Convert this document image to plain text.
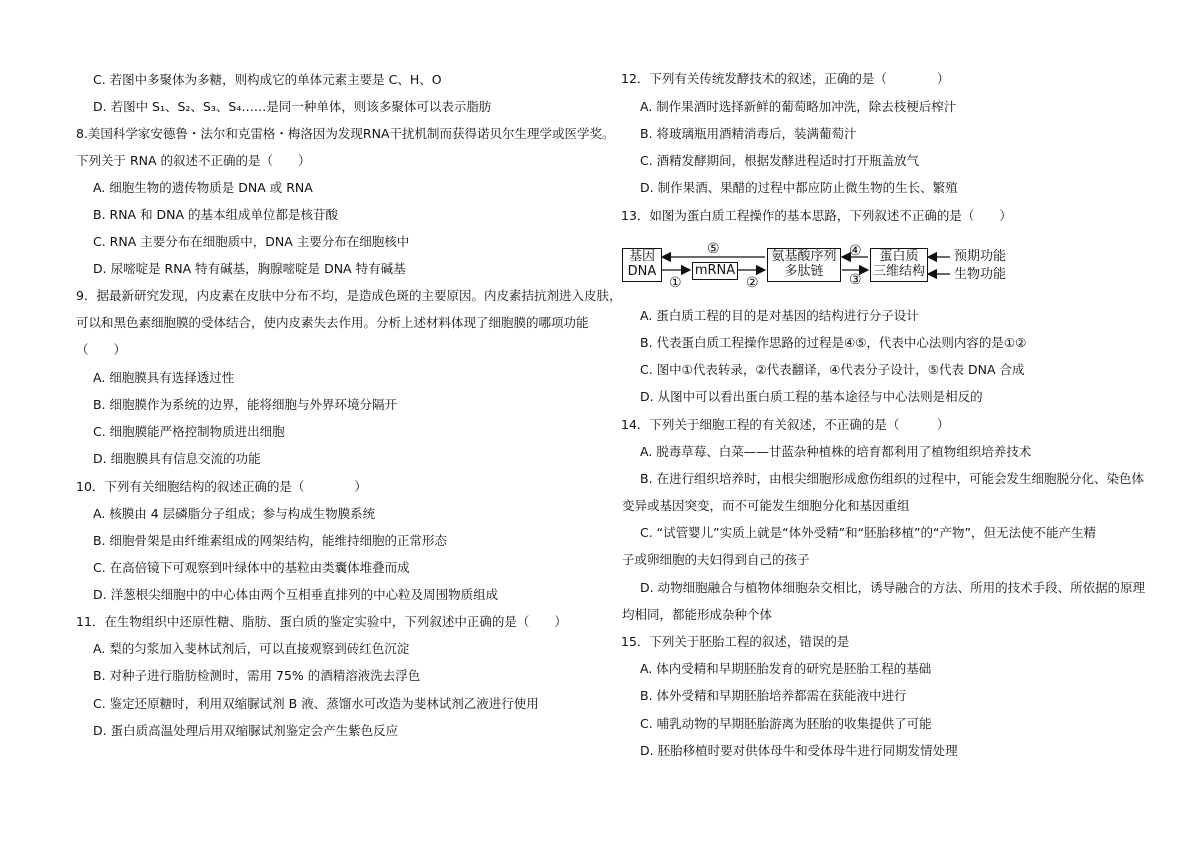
C. 若图中多聚体为多糖，则构成它的单体元素主要是 C、H、O
D. 若图中 S₁、S₂、S₃、S₄……是同一种单体，则该多聚体可以表示脂肪
8.美国科学家安德鲁・法尔和克雷格・梅洛因为发现RNA干扰机制而获得诺贝尔生理学或医学奖。
下列关于 RNA 的叙述不正确的是（　　）
A. 细胞生物的遗传物质是 DNA 或 RNA
B. RNA 和 DNA 的基本组成单位都是核苷酸
C. RNA 主要分布在细胞质中，DNA 主要分布在细胞核中
D. 尿嘧啶是 RNA 特有碱基，胸腺嘧啶是 DNA 特有碱基
9．据最新研究发现，内皮素在皮肤中分布不均，是造成色斑的主要原因。内皮素拮抗剂进入皮肤，
可以和黑色素细胞膜的受体结合，使内皮素失去作用。分析上述材料体现了细胞膜的哪项功能
（　　）
A. 细胞膜具有选择透过性
B. 细胞膜作为系统的边界，能将细胞与外界环境分隔开
C. 细胞膜能严格控制物质进出细胞
D. 细胞膜具有信息交流的功能
10．下列有关细胞结构的叙述正确的是（　　　　）
A. 核膜由 4 层磷脂分子组成；参与构成生物膜系统
B. 细胞骨架是由纤维素组成的网架结构，能维持细胞的正常形态
C. 在高倍镜下可观察到叶绿体中的基粒由类囊体堆叠而成
D. 洋葱根尖细胞中的中心体由两个互相垂直排列的中心粒及周围物质组成
11．在生物组织中还原性糖、脂肪、蛋白质的鉴定实验中，下列叙述中正确的是（　　）
A. 梨的匀浆加入斐林试剂后，可以直接观察到砖红色沉淀
B. 对种子进行脂肪检测时，需用 75% 的酒精溶液洗去浮色
C. 鉴定还原糖时，利用双缩脲试剂 B 液、蒸馏水可改造为斐林试剂乙液进行使用
D. 蛋白质高温处理后用双缩脲试剂鉴定会产生紫色反应
12．下列有关传统发酵技术的叙述，正确的是（　　　　）
A. 制作果酒时选择新鲜的葡萄略加冲洗，除去枝梗后榨汁
B. 将玻璃瓶用酒精消毒后，装满葡萄汁
C. 酒精发酵期间，根据发酵进程适时打开瓶盖放气
D. 制作果酒、果醋的过程中都应防止微生物的生长、繁殖
13．如图为蛋白质工程操作的基本思路，下列叙述不正确的是（　　）
A. 蛋白质工程的目的是对基因的结构进行分子设计
B. 代表蛋白质工程操作思路的过程是④⑤，代表中心法则内容的是①②
C. 图中①代表转录，②代表翻译，④代表分子设计，⑤代表 DNA 合成
D. 从图中可以看出蛋白质工程的基本途径与中心法则是相反的
14．下列关于细胞工程的有关叙述，不正确的是（　　　）
A. 脱毒草莓、白菜——甘蓝杂种植株的培育都利用了植物组织培养技术
B. 在进行组织培养时，由根尖细胞形成愈伤组织的过程中，可能会发生细胞脱分化、染色体
变异或基因突变，而不可能发生细胞分化和基因重组
C. “试管婴儿”实质上就是“体外受精”和“胚胎移植”的“产物”，但无法使不能产生精
子或卵细胞的夫妇得到自己的孩子
D. 动物细胞融合与植物体细胞杂交相比，诱导融合的方法、所用的技术手段、所依据的原理
均相同，都能形成杂种个体
15．下列关于胚胎工程的叙述，错误的是
A. 体内受精和早期胚胎发育的研究是胚胎工程的基础
B. 体外受精和早期胚胎培养都需在获能液中进行
C. 哺乳动物的早期胚胎游离为胚胎的收集提供了可能
D. 胚胎移植时要对供体母牛和受体母牛进行同期发情处理
基因
DNA	mRNA
氨基酸序列
多肽链
蛋白质
三维结构
⑤
①	②
④
③
预期功能
生物功能
